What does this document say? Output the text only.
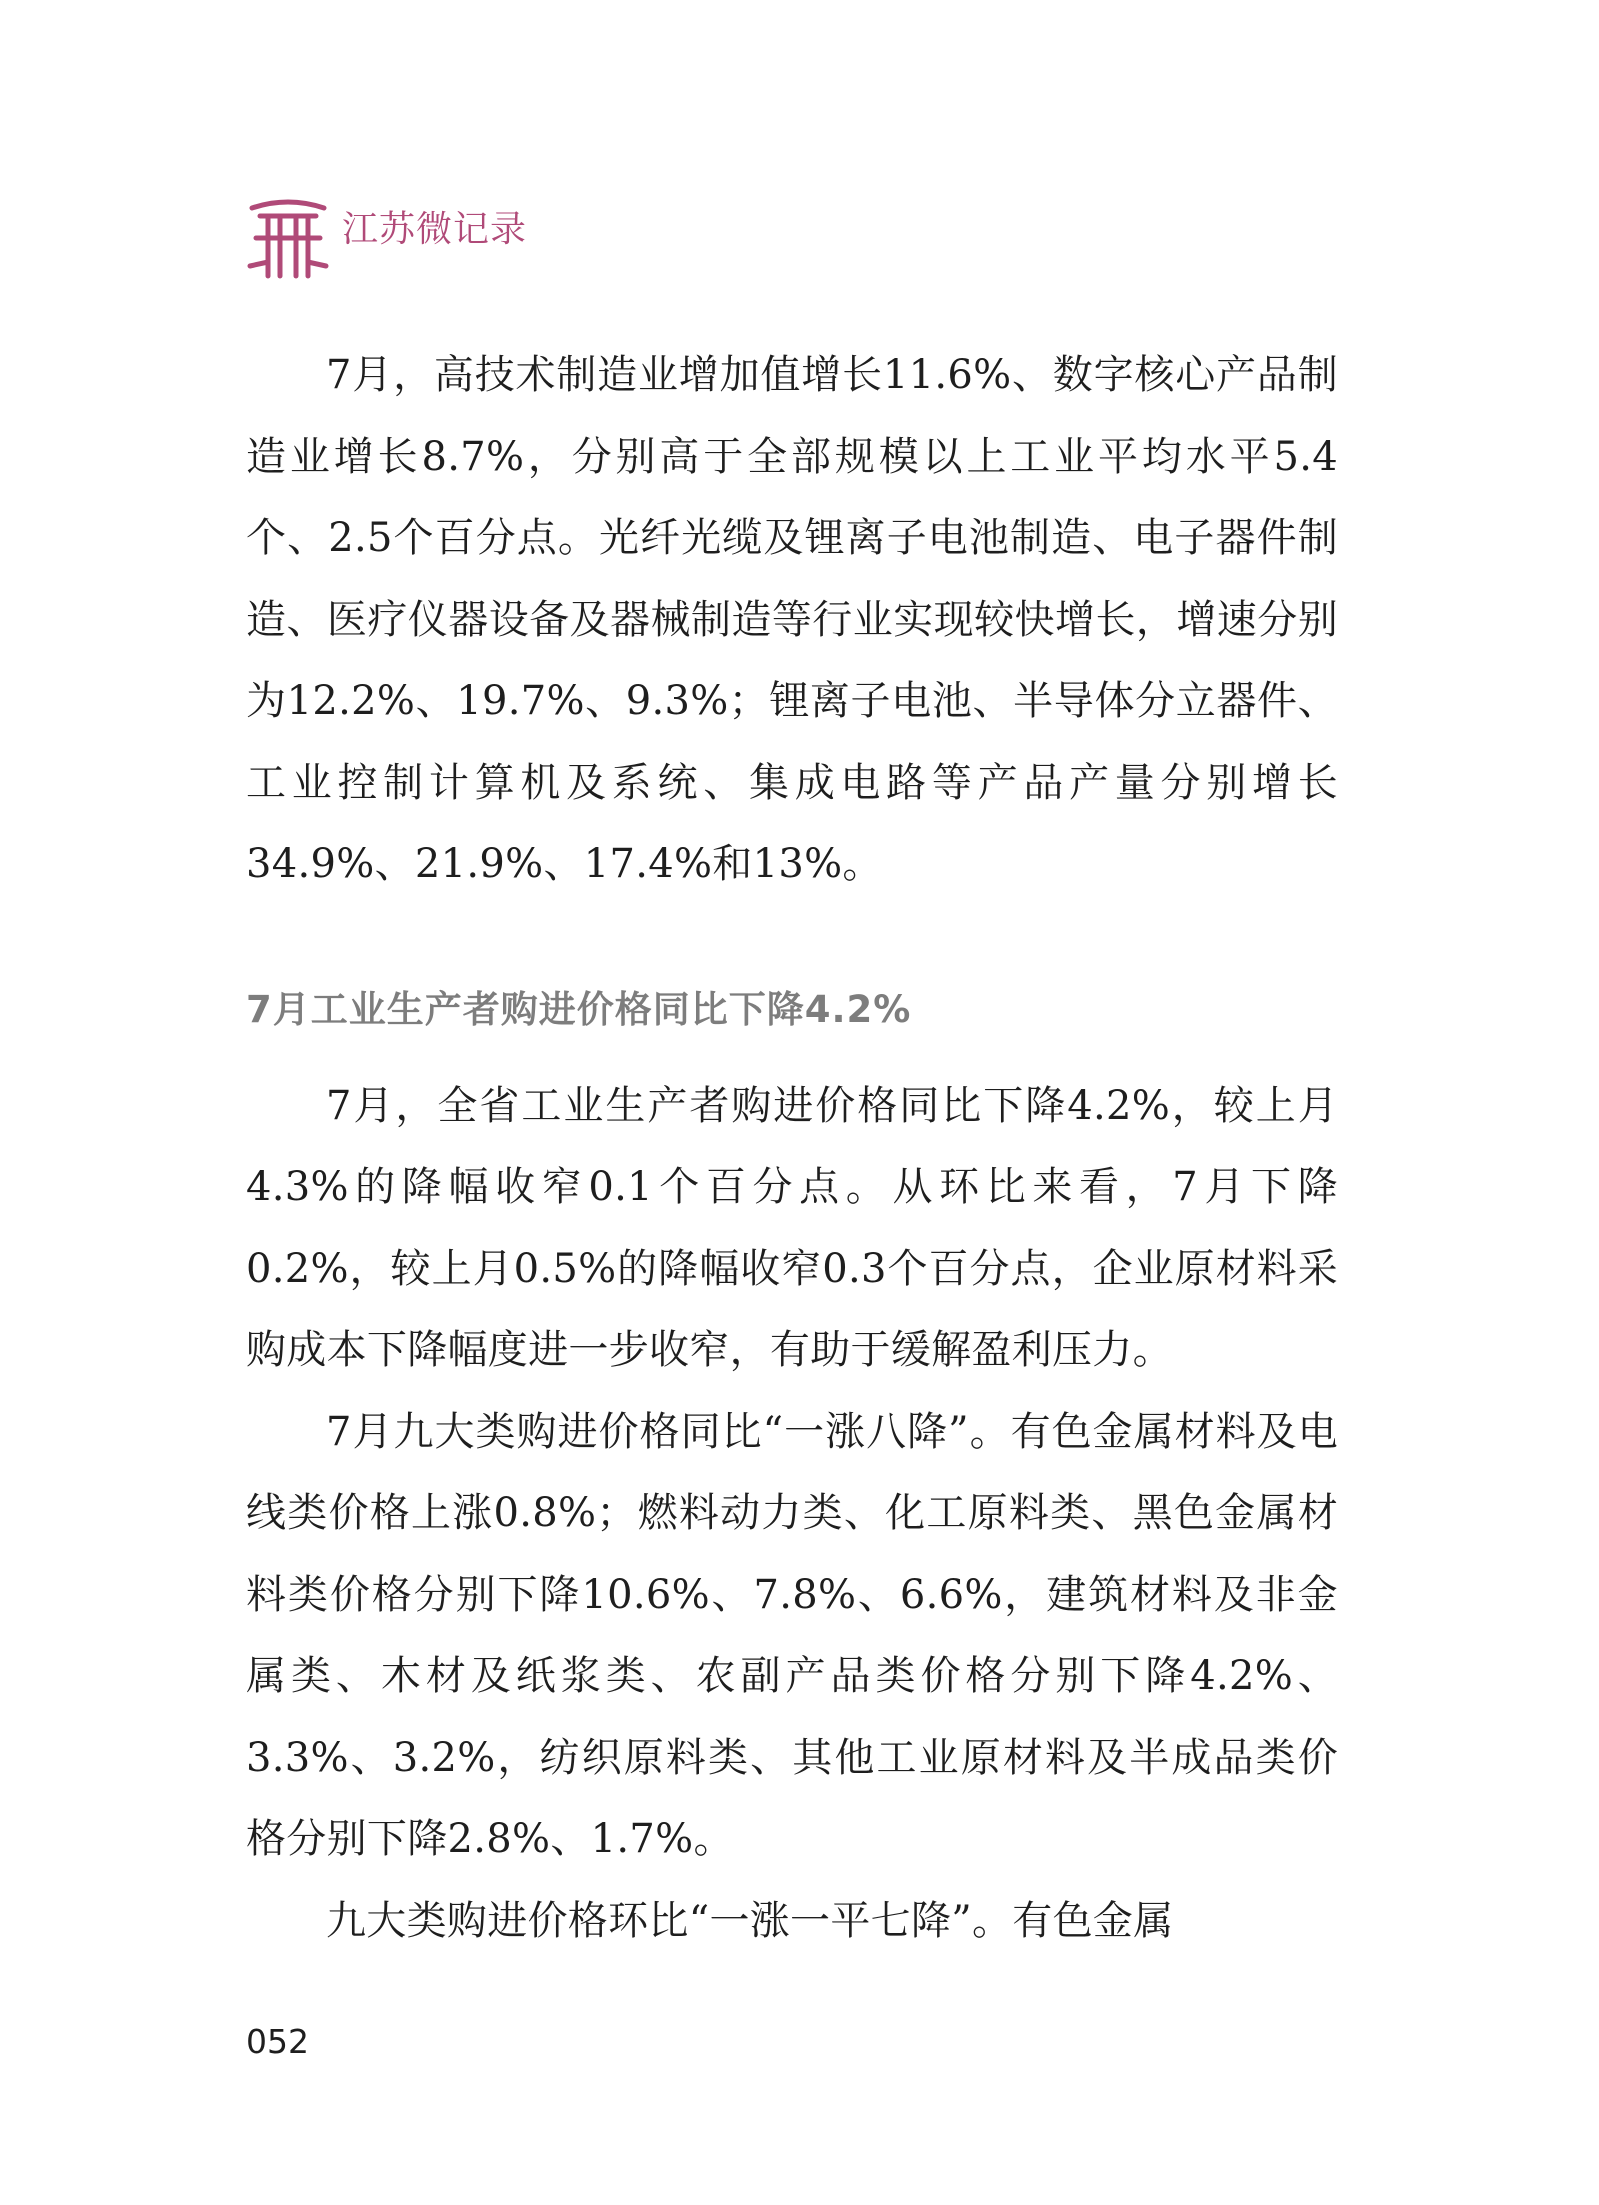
江苏微记录

7月，高技术制造业增加值增长11.6%、数字核心产品制造业增长8.7%，分别高于全部规模以上工业平均水平5.4个、2.5个百分点。光纤光缆及锂离子电池制造、电子器件制造、医疗仪器设备及器械制造等行业实现较快增长，增速分别为12.2%、19.7%、9.3%；锂离子电池、半导体分立器件、工业控制计算机及系统、集成电路等产品产量分别增长34.9%、21.9%、17.4%和13%。

7月工业生产者购进价格同比下降4.2%

7月，全省工业生产者购进价格同比下降4.2%，较上月4.3%的降幅收窄0.1个百分点。从环比来看，7月下降0.2%，较上月0.5%的降幅收窄0.3个百分点，企业原材料采购成本下降幅度进一步收窄，有助于缓解盈利压力。

7月九大类购进价格同比“一涨八降”。有色金属材料及电线类价格上涨0.8%；燃料动力类、化工原料类、黑色金属材料类价格分别下降10.6%、7.8%、6.6%，建筑材料及非金属类、木材及纸浆类、农副产品类价格分别下降4.2%、3.3%、3.2%，纺织原料类、其他工业原材料及半成品类价格分别下降2.8%、1.7%。

九大类购进价格环比“一涨一平七降”。有色金属

052
